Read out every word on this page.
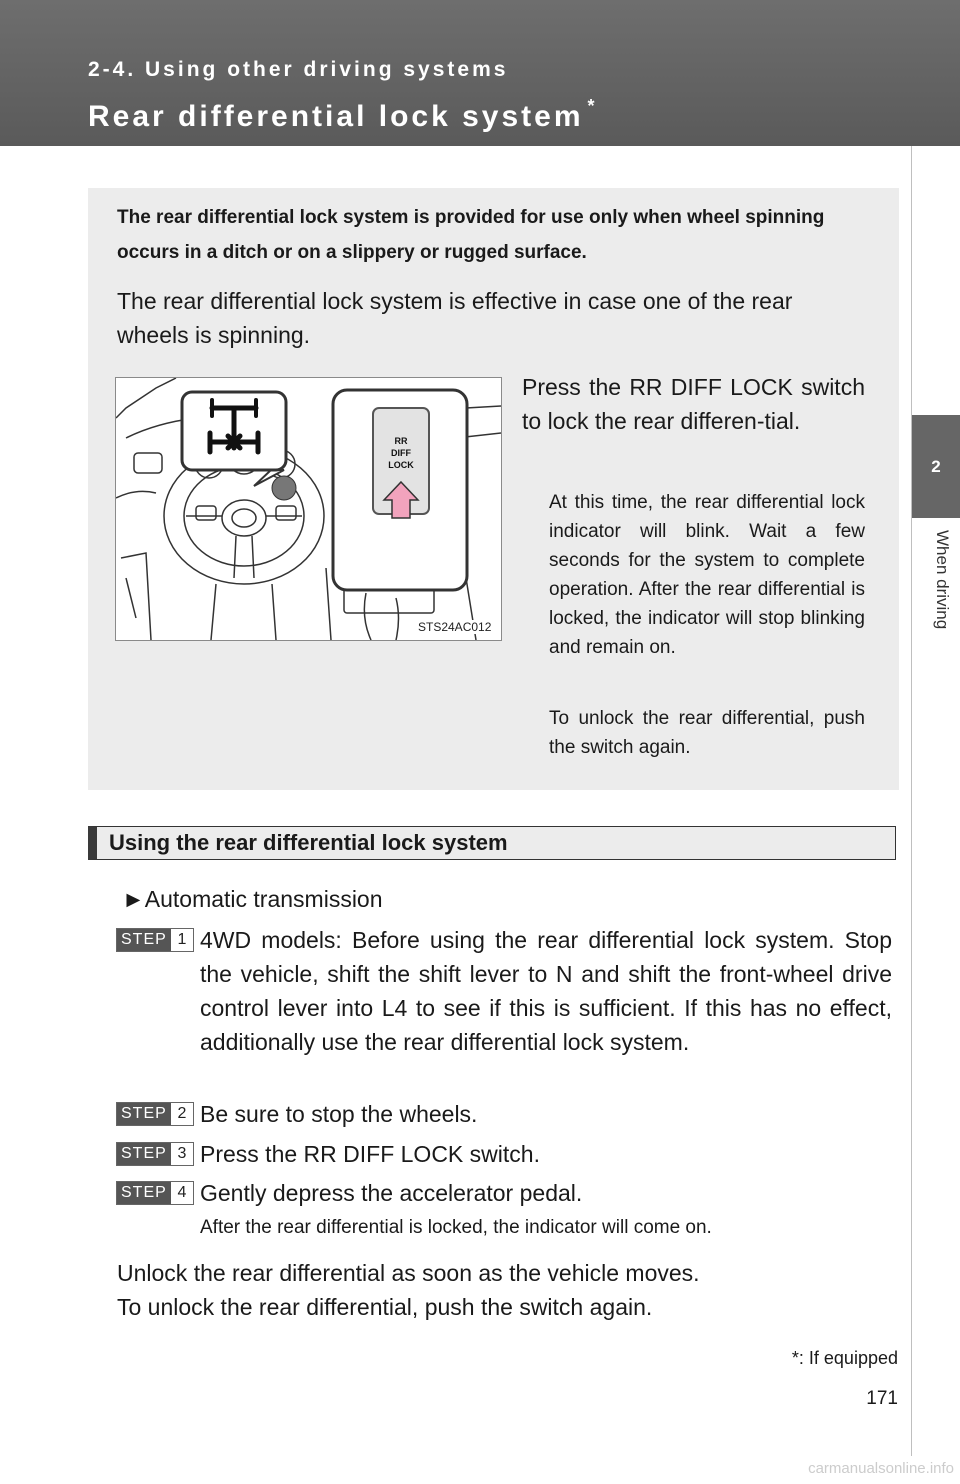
2-4. Using other driving systems
Rear differential lock system *
2
When driving
The rear differential lock system is provided for use only when wheel spinning occurs in a ditch or on a slippery or rugged surface.
The rear differential lock system is effective in case one of the rear wheels is spinning.
RR
DIFF
LOCK
STS24AC012
Press the RR DIFF LOCK switch to lock the rear differen-tial.
At this time, the rear differential lock indicator will blink. Wait a few seconds for the system to complete operation. After the rear differential is locked, the indicator will stop blinking and remain on.
To unlock the rear differential, push the switch again.
Using the rear differential lock system
►Automatic transmission
STEP 1 4WD models: Before using the rear differential lock system. Stop the vehicle, shift the shift lever to N and shift the front-wheel drive control lever into L4 to see if this is sufficient. If this has no effect, additionally use the rear differential lock system.
STEP 2 Be sure to stop the wheels.
STEP 3 Press the RR DIFF LOCK switch.
STEP 4 Gently depress the accelerator pedal.
After the rear differential is locked, the indicator will come on.
Unlock the rear differential as soon as the vehicle moves.
To unlock the rear differential, push the switch again.
*: If equipped
171
carmanualsonline.info
